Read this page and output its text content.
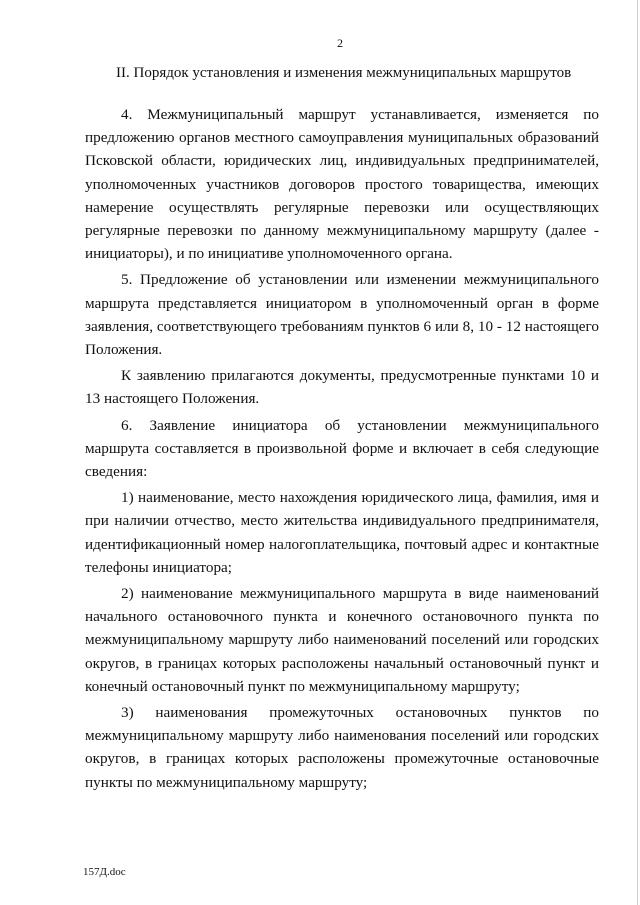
2
II. Порядок установления и изменения межмуниципальных маршрутов

4. Межмуниципальный маршрут устанавливается, изменяется по предложению органов местного самоуправления муниципальных образований Псковской области, юридических лиц, индивидуальных предпринимателей, уполномоченных участников договоров простого товарищества, имеющих намерение осуществлять регулярные перевозки или осуществляющих регулярные перевозки по данному межмуниципальному маршруту (далее - инициаторы), и по инициативе уполномоченного органа.

5. Предложение об установлении или изменении межмуниципального маршрута представляется инициатором в уполномоченный орган в форме заявления, соответствующего требованиям пунктов 6 или 8, 10 - 12 настоящего Положения.

К заявлению прилагаются документы, предусмотренные пунктами 10 и 13 настоящего Положения.

6. Заявление инициатора об установлении межмуниципального маршрута составляется в произвольной форме и включает в себя следующие сведения:

1) наименование, место нахождения юридического лица, фамилия, имя и при наличии отчество, место жительства индивидуального предпринимателя, идентификационный номер налогоплательщика, почтовый адрес и контактные телефоны инициатора;

2) наименование межмуниципального маршрута в виде наименований начального остановочного пункта и конечного остановочного пункта по межмуниципальному маршруту либо наименований поселений или городских округов, в границах которых расположены начальный остановочный пункт и конечный остановочный пункт по межмуниципальному маршруту;

3) наименования промежуточных остановочных пунктов по межмуниципальному маршруту либо наименования поселений или городских округов, в границах которых расположены промежуточные остановочные пункты по межмуниципальному маршруту;

157Д.doc
